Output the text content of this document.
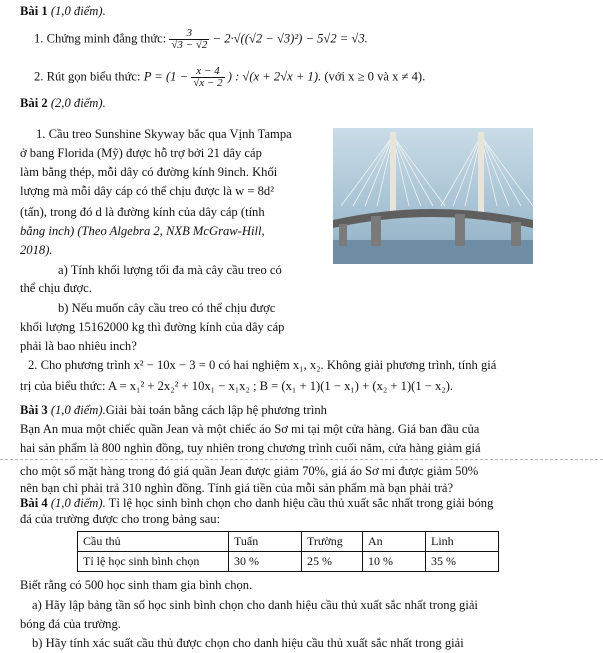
Bài 1 (1,0 điểm).
1. Chứng minh đẳng thức: $\frac{3}{√3 - √2} - 2\cdot√((√2 - √3)^2) - 5√2 = √3$.
2. Rút gọn biểu thức: $P = (1 - \frac{x - 4}{√x - 2}$ ) : √(x + 2√x + 1). (với x ≥ 0 và x ≠ 4).
Bài 2 (2,0 điểm).
1. Cầu treo Sunshine Skyway bắc qua Vịnh Tampa
ở bang Florida (Mỹ) được hỗ trợ bởi 21 dây cáp
làm bằng thép, mỗi dây có đường kính 9inch. Khối
lượng mà mỗi dây cáp có thể chịu được là w = 8d²
(tấn), trong đó d là đường kính của dây cáp (tính
bằng inch) (Theo Algebra 2, NXB McGraw-Hill,
2018).
a) Tính khối lượng tối đa mà cây cầu treo có
thể chịu được.
b) Nếu muốn cây cầu treo có thể chịu được
khối lượng 15162000 kg thì đường kính của dây cáp
phải là bao nhiêu inch?
2. Cho phương trình x² − 10x − 3 = 0 có hai nghiệm x₁, x₂. Không giải phương trình, tính giá
trị của biểu thức: A = x₁² + 2x₂² + 10x₁ − x₁x₂ ; B = (x₁ + 1)(1 − x₁) + (x₂ + 1)(1 − x₂).
Bài 3 (1,0 điểm).Giải bài toán bằng cách lập hệ phương trình
Bạn An mua một chiếc quần Jean và một chiếc áo Sơ mi tại một cửa hàng. Giá ban đầu của
hai sản phẩm là 800 nghìn đồng, tuy nhiên trong chương trình cuối năm, cửa hàng giảm giá
cho một số mặt hàng trong đó giá quần Jean được giảm 70%, giá áo Sơ mi được giảm 50%
nên bạn chỉ phải trả 310 nghìn đồng. Tính giá tiền của mỗi sản phẩm mà bạn phải trả?
Bài 4 (1,0 điểm). Tỉ lệ học sinh bình chọn cho danh hiệu cầu thủ xuất sắc nhất trong giải bóng
đá của trường được cho trong bảng sau:
Cầu thủ	Tuấn	Trường	An	Linh
Tỉ lệ học sinh bình chọn	30 %	25 %	10 %	35 %
Biết rằng có 500 học sinh tham gia bình chọn.
a) Hãy lập bảng tần số học sinh bình chọn cho danh hiệu cầu thủ xuất sắc nhất trong giải
bóng đá của trường.
b) Hãy tính xác suất cầu thủ được chọn cho danh hiệu cầu thủ xuất sắc nhất trong giải
